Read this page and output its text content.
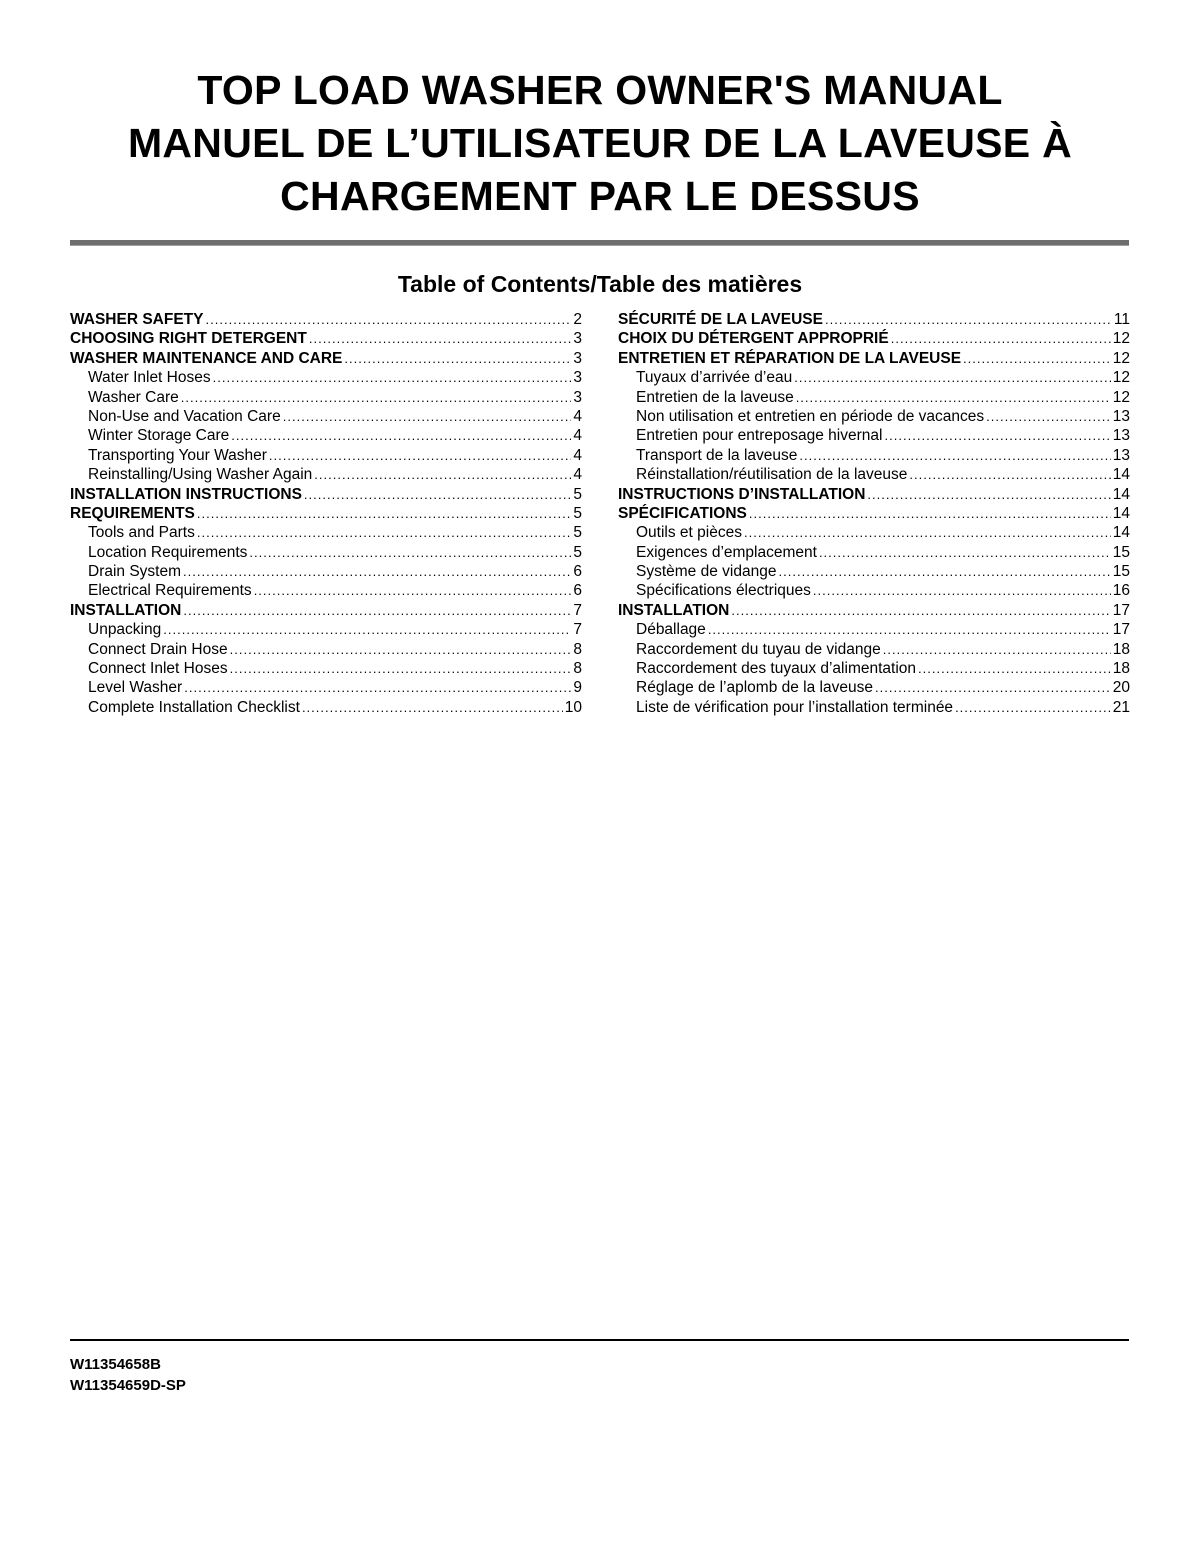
TOP LOAD WASHER OWNER'S MANUAL
MANUEL DE L’UTILISATEUR DE LA LAVEUSE À
CHARGEMENT PAR LE DESSUS
Table of Contents/Table des matières
WASHER SAFETY . . .	2
CHOOSING RIGHT DETERGENT . . .	3
WASHER MAINTENANCE AND CARE . . .	3
Water Inlet Hoses . . .	3
Washer Care . . .	3
Non-Use and Vacation Care . . .	4
Winter Storage Care . . .	4
Transporting Your Washer . . .	4
Reinstalling/Using Washer Again . . .	4
INSTALLATION INSTRUCTIONS . . .	5
REQUIREMENTS . . .	5
Tools and Parts . . .	5
Location Requirements . . .	5
Drain System . . .	6
Electrical Requirements . . .	6
INSTALLATION . . .	7
Unpacking . . .	7
Connect Drain Hose . . .	8
Connect Inlet Hoses . . .	8
Level Washer . . .	9
Complete Installation Checklist . . .	10
SÉCURITÉ DE LA LAVEUSE . . .	11
CHOIX DU DÉTERGENT APPROPRIÉ . . .	12
ENTRETIEN ET RÉPARATION DE LA LAVEUSE . . .	12
Tuyaux d’arrivée d’eau . . .	12
Entretien de la laveuse . . .	12
Non utilisation et entretien en période de vacances . . .	13
Entretien pour entreposage hivernal . . .	13
Transport de la laveuse . . .	13
Réinstallation/réutilisation de la laveuse . . .	14
INSTRUCTIONS D’INSTALLATION . . .	14
SPÉCIFICATIONS . . .	14
Outils et pièces . . .	14
Exigences d’emplacement . . .	15
Système de vidange . . .	15
Spécifications électriques . . .	16
INSTALLATION . . .	17
Déballage . . .	17
Raccordement du tuyau de vidange . . .	18
Raccordement des tuyaux d’alimentation . . .	18
Réglage de l’aplomb de la laveuse . . .	20
Liste de vérification pour l’installation terminée . . .	21
W11354658B
W11354659D-SP
